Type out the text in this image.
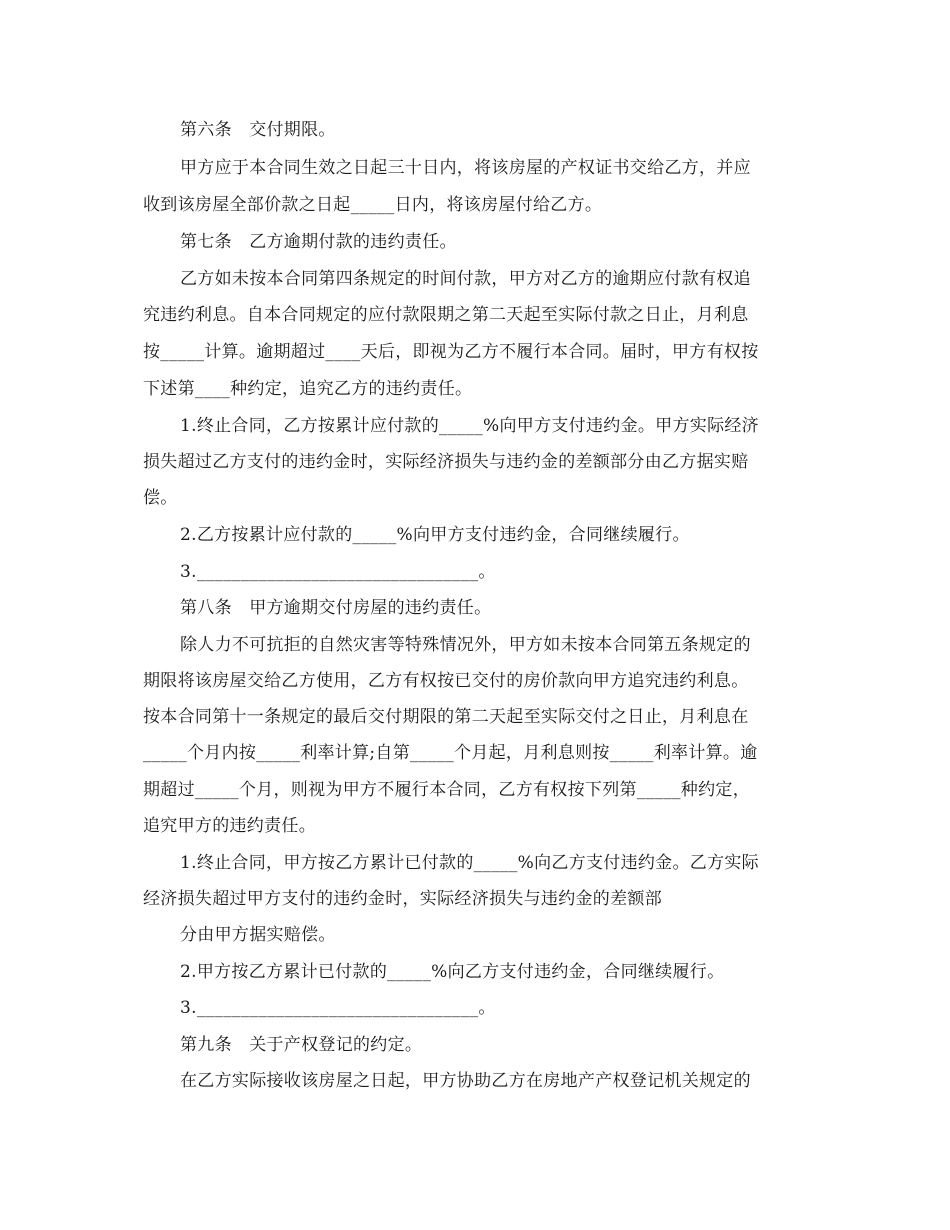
第六条　交付期限。

甲方应于本合同生效之日起三十日内，将该房屋的产权证书交给乙方，并应

收到该房屋全部价款之日起_____日内，将该房屋付给乙方。

第七条　乙方逾期付款的违约责任。

乙方如未按本合同第四条规定的时间付款，甲方对乙方的逾期应付款有权追

究违约利息。自本合同规定的应付款限期之第二天起至实际付款之日止，月利息

按_____计算。逾期超过____天后，即视为乙方不履行本合同。届时，甲方有权按

下述第____种约定，追究乙方的违约责任。

1.终止合同，乙方按累计应付款的_____%向甲方支付违约金。甲方实际经济

损失超过乙方支付的违约金时，实际经济损失与违约金的差额部分由乙方据实赔

偿。

2.乙方按累计应付款的_____%向甲方支付违约金，合同继续履行。

3.________________________________。

第八条　甲方逾期交付房屋的违约责任。

除人力不可抗拒的自然灾害等特殊情况外，甲方如未按本合同第五条规定的

期限将该房屋交给乙方使用，乙方有权按已交付的房价款向甲方追究违约利息。

按本合同第十一条规定的最后交付期限的第二天起至实际交付之日止，月利息在

_____个月内按_____利率计算;自第_____个月起，月利息则按_____利率计算。逾

期超过_____个月，则视为甲方不履行本合同，乙方有权按下列第_____种约定，

追究甲方的违约责任。

1.终止合同，甲方按乙方累计已付款的_____%向乙方支付违约金。乙方实际

经济损失超过甲方支付的违约金时，实际经济损失与违约金的差额部

分由甲方据实赔偿。

2.甲方按乙方累计已付款的_____%向乙方支付违约金，合同继续履行。

3.________________________________。

第九条　关于产权登记的约定。

在乙方实际接收该房屋之日起，甲方协助乙方在房地产产权登记机关规定的
